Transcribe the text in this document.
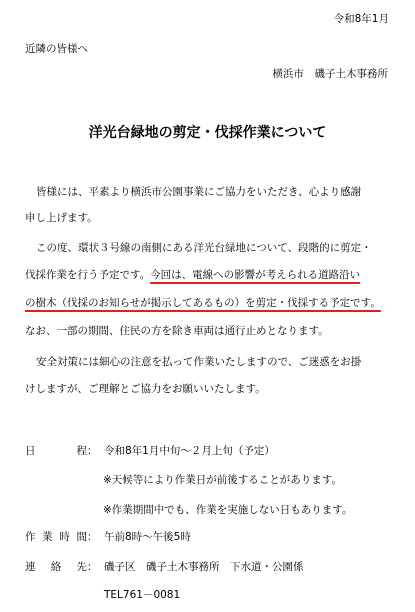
令和8年1月
近隣の皆様へ
横浜市　磯子土木事務所
洋光台緑地の剪定・伐採作業について
皆様には、平素より横浜市公園事業にご協力をいただき、心より感謝
申し上げます。
この度、環状３号線の南側にある洋光台緑地について、段階的に剪定・
伐採作業を行う予定です。今回は、電線への影響が考えられる道路沿い
の樹木（伐採のお知らせが掲示してあるもの）を剪定・伐採する予定です。
なお、一部の期間、住民の方を除き車両は通行止めとなります。
安全対策には細心の注意を払って作業いたしますので、ご迷惑をお掛
けしますが、ご理解とご協力をお願いいたします。
日	程 ： 令和8年1月中旬～２月上旬（予定）
※天候等により作業日が前後することがあります。
※作業期間中でも、作業を実施しない日もあります。
作 業 時 間 ： 午前8時～午後5時
連 絡 先 ： 磯子区　磯子土木事務所　下水道・公園係
TEL761－0081
